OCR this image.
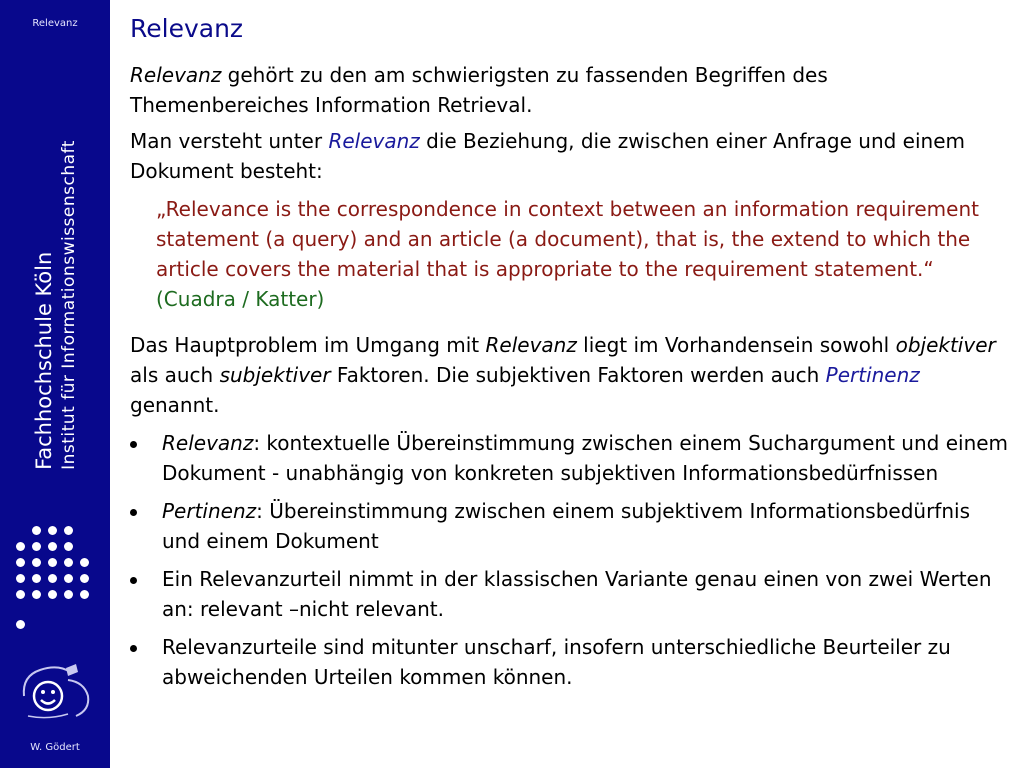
Relevanz
Fachhochschule Köln Institut für Informationswissenschaft
W. Gödert
Relevanz

Relevanz gehört zu den am schwierigsten zu fassenden Begriffen des Themenbereiches Information Retrieval.

Man versteht unter Relevanz die Beziehung, die zwischen einer Anfrage und einem Dokument besteht:

„Relevance is the correspondence in context between an information requirement statement (a query) and an article (a document), that is, the extend to which the article covers the material that is appropriate to the requirement statement.“ (Cuadra / Katter)

Das Hauptproblem im Umgang mit Relevanz liegt im Vorhandensein sowohl objektiver als auch subjektiver Faktoren. Die subjektiven Faktoren werden auch Pertinenz genannt.

Relevanz: kontextuelle Übereinstimmung zwischen einem Suchargument und einem Dokument - unabhängig von konkreten subjektiven Informationsbedürfnissen
Pertinenz: Übereinstimmung zwischen einem subjektivem Informationsbedürfnis und einem Dokument
Ein Relevanzurteil nimmt in der klassischen Variante genau einen von zwei Werten an: relevant –nicht relevant.
Relevanzurteile sind mitunter unscharf, insofern unterschiedliche Beurteiler zu abweichenden Urteilen kommen können.
